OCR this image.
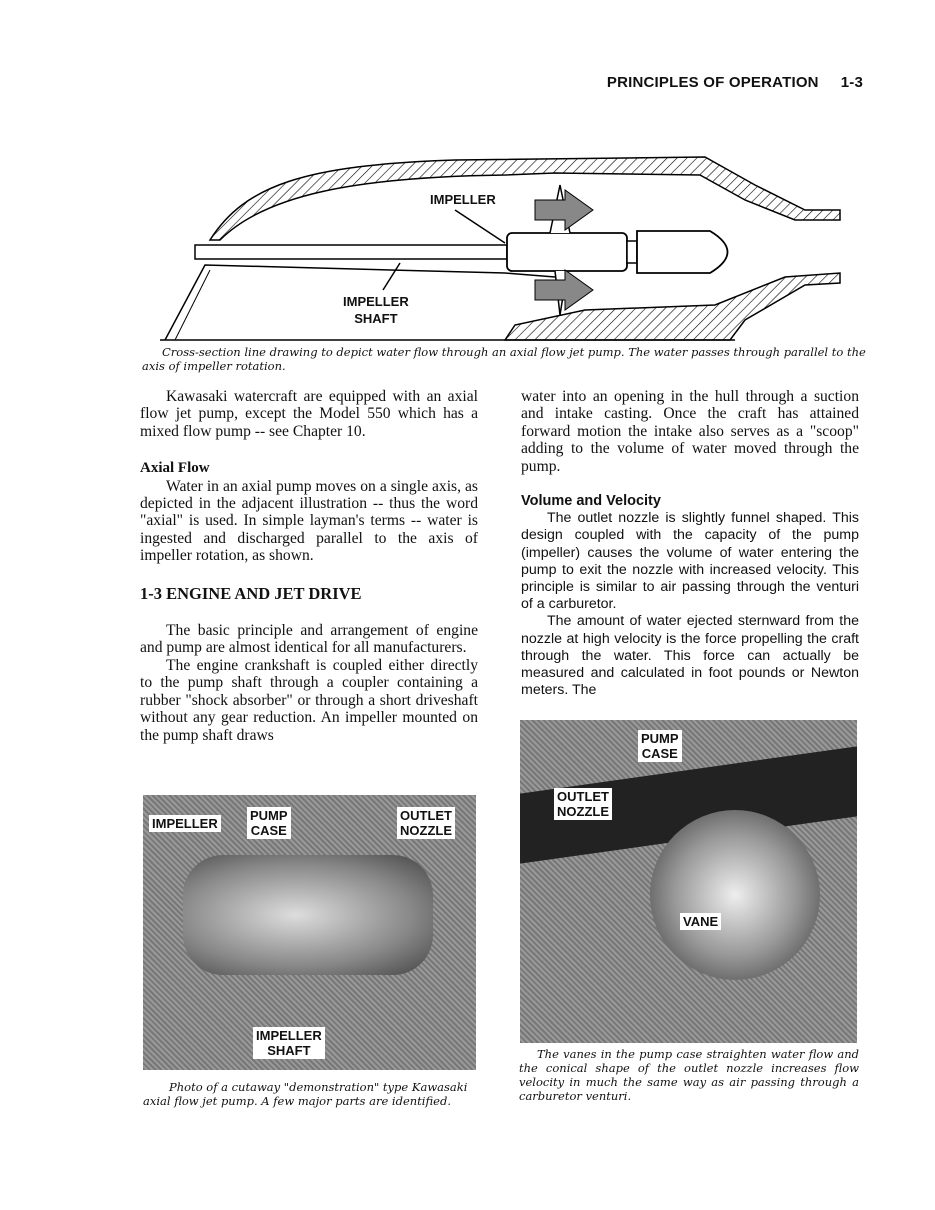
PRINCIPLES OF OPERATION 1-3
IMPELLER
IMPELLER
SHAFT
Cross-section line drawing to depict water flow through an axial flow jet pump. The water passes through parallel to the axis of impeller rotation.

Kawasaki watercraft are equipped with an axial flow jet pump, except the Model 550 which has a mixed flow pump -- see Chapter 10.

Axial Flow

Water in an axial pump moves on a single axis, as depicted in the adjacent illustration -- thus the word "axial" is used. In simple layman's terms -- water is ingested and discharged parallel to the axis of impeller rotation, as shown.

1-3 ENGINE AND JET DRIVE

The basic principle and arrangement of engine and pump are almost identical for all manufacturers.

The engine crankshaft is coupled either directly to the pump shaft through a coupler containing a rubber "shock absorber" or through a short driveshaft without any gear reduction. An impeller mounted on the pump shaft draws

water into an opening in the hull through a suction and intake casting. Once the craft has attained forward motion the intake also serves as a "scoop" adding to the volume of water moved through the pump.

Volume and Velocity

The outlet nozzle is slightly funnel shaped. This design coupled with the capacity of the pump (impeller) causes the volume of water entering the pump to exit the nozzle with increased velocity. This principle is similar to air passing through the venturi of a carburetor.

The amount of water ejected sternward from the nozzle at high velocity is the force propelling the craft through the water. This force can actually be measured and calculated in foot pounds or Newton meters. The

IMPELLER
PUMP
CASE
OUTLET
NOZZLE
IMPELLER
SHAFT
Photo of a cutaway "demonstration" type Kawasaki axial flow jet pump. A few major parts are identified.
PUMP
CASE
OUTLET
NOZZLE
VANE
The vanes in the pump case straighten water flow and the conical shape of the outlet nozzle increases flow velocity in much the same way as air passing through a carburetor venturi.
